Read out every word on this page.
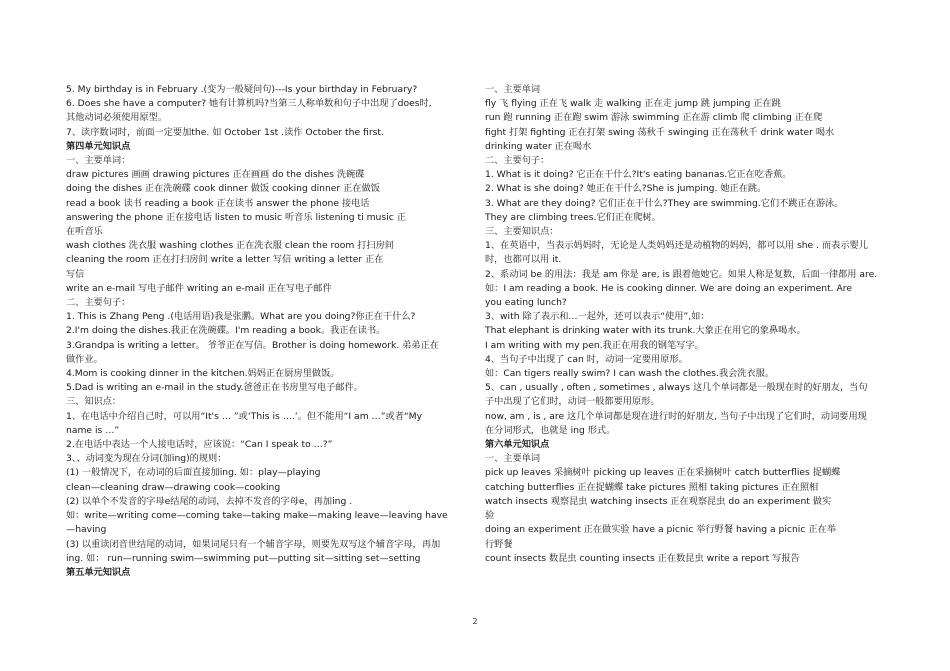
5. My birthday is in February .(变为一般疑问句)---Is your birthday in February?
6. Does she have a computer? 她有计算机吗?当第三人称单数和句子中出现了does时,
其他动词必须使用原型。
7、读序数词时，前面一定要加the. 如 October 1st .读作 October the first.
第四单元知识点
一、主要单词：
draw pictures 画画 drawing pictures 正在画画 do the dishes 洗碗碟
doing the dishes 正在洗碗碟 cook dinner 做饭 cooking dinner 正在做饭
read a book 读书 reading a book 正在读书 answer the phone 接电话
answering the phone 正在接电话 listen to music 听音乐 listening ti music 正
在听音乐
wash clothes 洗衣服 washing clothes 正在洗衣服 clean the room 打扫房间
cleaning the room 正在打扫房间 write a letter 写信 writing a letter 正在
写信
write an e-mail 写电子邮件 writing an e-mail 正在写电子邮件
二、主要句子：
1. This is Zhang Peng .(电话用语)我是张鹏。What are you doing?你正在干什么?
2.I'm doing the dishes.我正在洗碗碟。I'm reading a book。我正在读书。
3.Grandpa is writing a letter。 爷爷正在写信。Brother is doing homework. 弟弟正在
做作业。
4.Mom is cooking dinner in the kitchen.妈妈正在厨房里做饭。
5.Dad is writing an e-mail in the study.爸爸正在书房里写电子邮件。
三、知识点：
1、在电话中介绍自己时，可以用“It's … ”或‘This is ….’。但不能用“I am …”或者“My
name is …”
2.在电话中表达一个人接电话时，应该说：“Can I speak to …?”
3、、动词变为现在分词(加ing)的规则：
(1) 一般情况下，在动词的后面直接加ing. 如：play—playing
clean—cleaning draw—drawing cook—cooking
(2) 以单个不发音的字母e结尾的动词，去掉不发音的字母e，再加ing .
如：write—writing come—coming take—taking make—making leave—leaving have
—having
(3) 以重读闭音世结尾的动词，如果词尾只有一个辅音字母，则要先双写这个辅音字母，再加
ing. 如： run—running swim—swimming put—putting sit—sitting set—setting
第五单元知识点
一、主要单词
fly 飞 flying 正在飞 walk 走 walking 正在走 jump 跳 jumping 正在跳
run 跑 running 正在跑 swim 游泳 swimming 正在游 climb 爬 climbing 正在爬
fight 打架 fighting 正在打架 swing 荡秋千 swinging 正在荡秋千 drink water 喝水
drinking water 正在喝水
二、主要句子：
1. What is it doing? 它正在干什么?It's eating bananas.它正在吃香蕉。
2. What is she doing? 她正在干什么?She is jumping. 她正在跳。
3. What are they doing? 它们正在干什么?They are swimming.它们不跳正在游泳。
They are climbing trees.它们正在爬树。
三、主要知识点：
1、在英语中，当表示妈妈时，无论是人类妈妈还是动植物的妈妈，都可以用 she . 而表示婴儿
时，也都可以用 it.
2、系动词 be 的用法：我是 am 你是 are, is 跟着他她它。如果人称是复数，后面一律都用 are.
如：I am reading a book. He is cooking dinner. We are doing an experiment. Are
you eating lunch?
3、with 除了表示和…一起外，还可以表示“使用”,如：
That elephant is drinking water with its trunk.大象正在用它的象鼻喝水。
I am writing with my pen.我正在用我的钢笔写字。
4、当句子中出现了 can 时，动词一定要用原形。
如：Can tigers really swim? I can wash the clothes.我会洗衣服。
5、can , usually , often , sometimes , always 这几个单词都是一般现在时的好朋友，当句
子中出现了它们时，动词一般都要用原形。
now, am , is , are 这几个单词都是现在进行时的好朋友, 当句子中出现了它们时，动词要用现
在分词形式，也就是 ing 形式。
第六单元知识点
一、主要单词
pick up leaves 采摘树叶 picking up leaves 正在采摘树叶 catch butterflies 捉蝴蝶
catching butterflies 正在捉蝴蝶 take pictures 照相 taking pictures 正在照相
watch insects 观察昆虫 watching insects 正在观察昆虫 do an experiment 做实
验
doing an experiment 正在做实验 have a picnic 举行野餐 having a picnic 正在举
行野餐
count insects 数昆虫 counting insects 正在数昆虫 write a report 写报告
2
